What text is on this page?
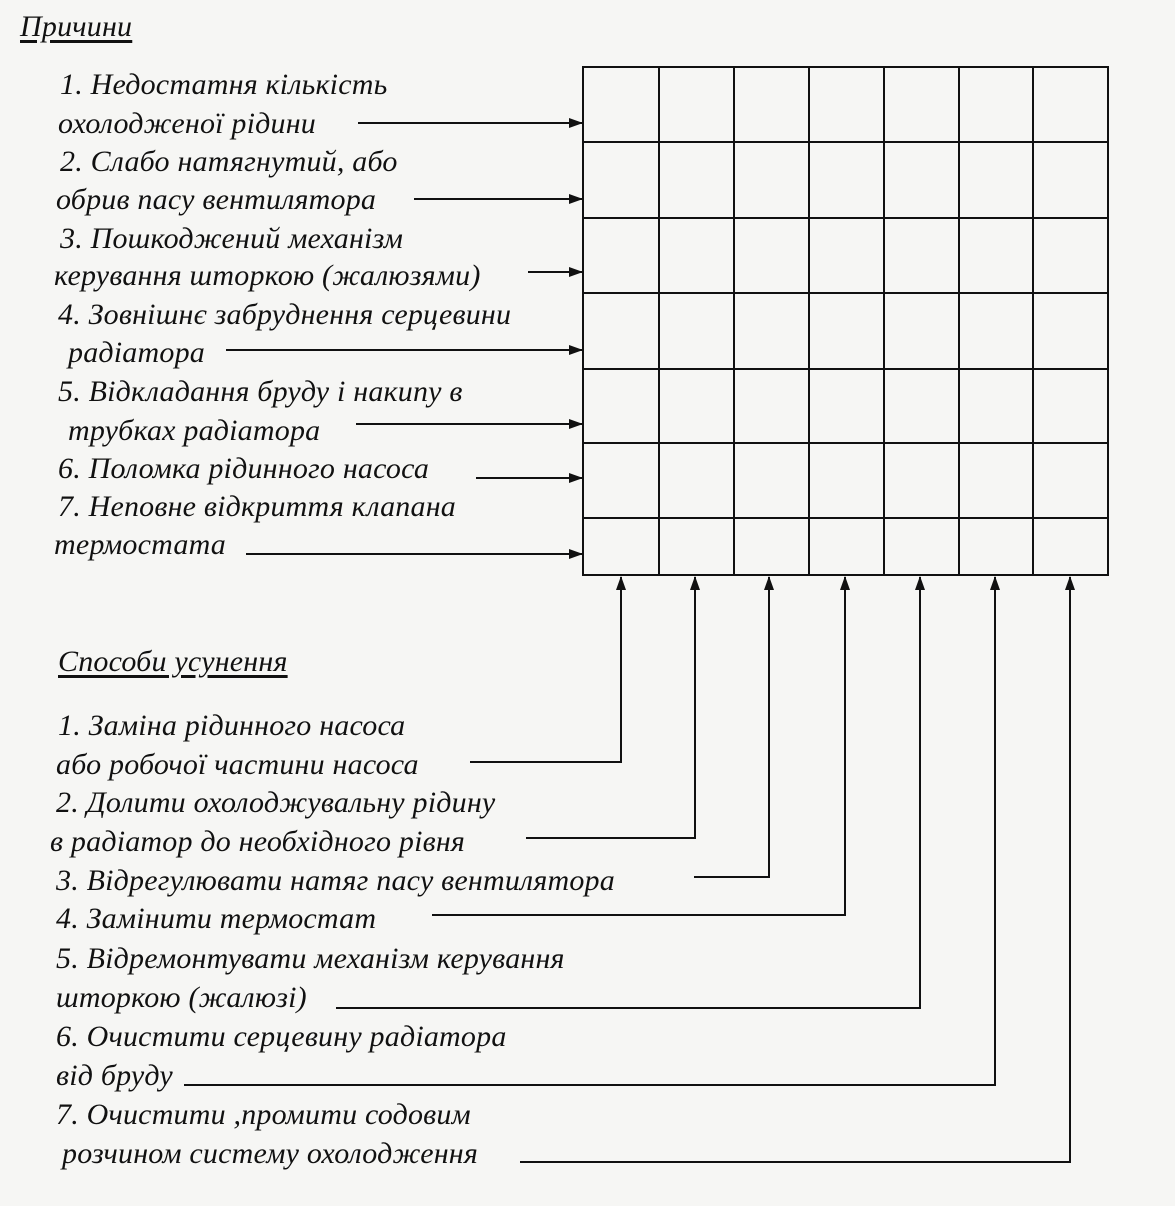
Причини
1. Недостатня кількість
охолодженої рідини
2. Слабо натягнутий, або
обрив пасу вентилятора
3. Пошкоджений механізм
керування шторкою (жалюзями)
4. Зовнішнє забруднення серцевини
радіатора
5. Відкладання бруду і накипу в
трубках радіатора
6. Поломка рідинного насоса
7. Неповне відкриття клапана
термостата
Способи усунення
1. Заміна рідинного насоса
або робочої частини насоса
2. Долити охолоджувальну рідину
в радіатор до необхідного рівня
3. Відрегулювати натяг пасу вентилятора
4. Замінити термостат
5. Відремонтувати механізм керування
шторкою (жалюзі)
6. Очистити серцевину радіатора
від бруду
7. Очистити ,промити содовим
розчином систему охолодження
